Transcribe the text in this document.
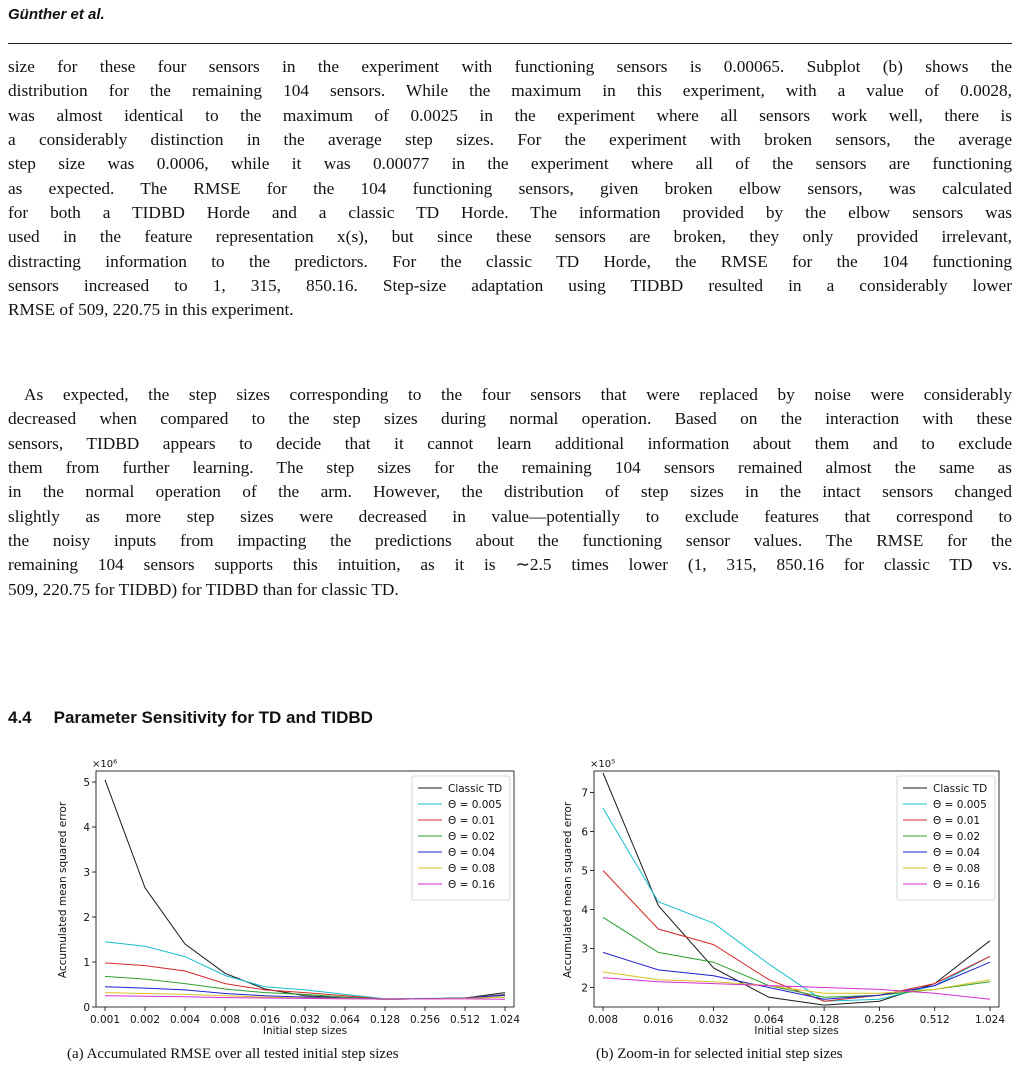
Günther et al.
size for these four sensors in the experiment with functioning sensors is 0.00065. Subplot (b) shows the
distribution for the remaining 104 sensors. While the maximum in this experiment, with a value of 0.0028,
was almost identical to the maximum of 0.0025 in the experiment where all sensors work well, there is
a considerably distinction in the average step sizes. For the experiment with broken sensors, the average
step size was 0.0006, while it was 0.00077 in the experiment where all of the sensors are functioning
as expected. The RMSE for the 104 functioning sensors, given broken elbow sensors, was calculated
for both a TIDBD Horde and a classic TD Horde. The information provided by the elbow sensors was
used in the feature representation x(s), but since these sensors are broken, they only provided irrelevant,
distracting information to the predictors. For the classic TD Horde, the RMSE for the 104 functioning
sensors increased to 1, 315, 850.16. Step-size adaptation using TIDBD resulted in a considerably lower
RMSE of 509, 220.75 in this experiment.
As expected, the step sizes corresponding to the four sensors that were replaced by noise were considerably
decreased when compared to the step sizes during normal operation. Based on the interaction with these
sensors, TIDBD appears to decide that it cannot learn additional information about them and to exclude
them from further learning. The step sizes for the remaining 104 sensors remained almost the same as
in the normal operation of the arm. However, the distribution of step sizes in the intact sensors changed
slightly as more step sizes were decreased in value—potentially to exclude features that correspond to
the noisy inputs from impacting the predictions about the functioning sensor values. The RMSE for the
remaining 104 sensors supports this intuition, as it is ∼2.5 times lower (1, 315, 850.16 for classic TD vs.
509, 220.75 for TIDBD) for TIDBD than for classic TD.
4.4 Parameter Sensitivity for TD and TIDBD
0
1
2
3
4
5
0.001 0.002 0.004 0.008 0.016 0.032 0.064 0.128 0.256 0.512 1.024
×10⁶
Initial step sizes
Accumulated mean squared error
Classic TD
Θ = 0.005
Θ = 0.01
Θ = 0.02
Θ = 0.04
Θ = 0.08
Θ = 0.16
2
3
4
5
6
7
0.008 0.016 0.032 0.064 0.128 0.256 0.512 1.024
×10⁵
Initial step sizes
Accumulated mean squared error
Classic TD
Θ = 0.005
Θ = 0.01
Θ = 0.02
Θ = 0.04
Θ = 0.08
Θ = 0.16
(a) Accumulated RMSE over all tested initial step sizes	(b) Zoom-in for selected initial step sizes
